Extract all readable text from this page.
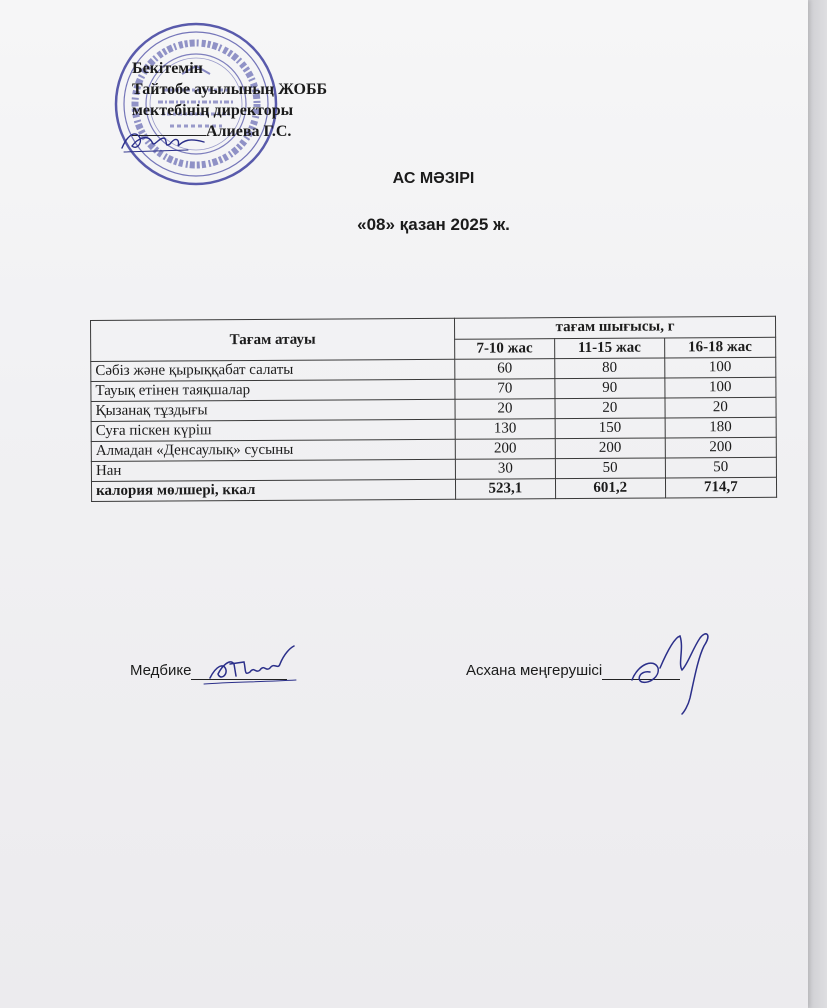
Бекітемін
Тайтобе ауылының ЖОББ
мектебінің директоры
Алиева Г.С.
АС МӘЗІРІ
«08» қазан 2025 ж.
Тағам атауы	тағам шығысы, г		
	7-10 жас	11-15 жас	16-18 жас
Сәбіз және қырыққабат салаты	60	80	100
Тауық етінен таяқшалар	70	90	100
Қызанақ тұздығы	20	20	20
Суға піскен күріш	130	150	180
Алмадан «Денсаулық» сусыны	200	200	200
Нан	30	50	50
калория мөлшері, ккал	523,1	601,2	714,7
Медбике	Асхана меңгерушісі
